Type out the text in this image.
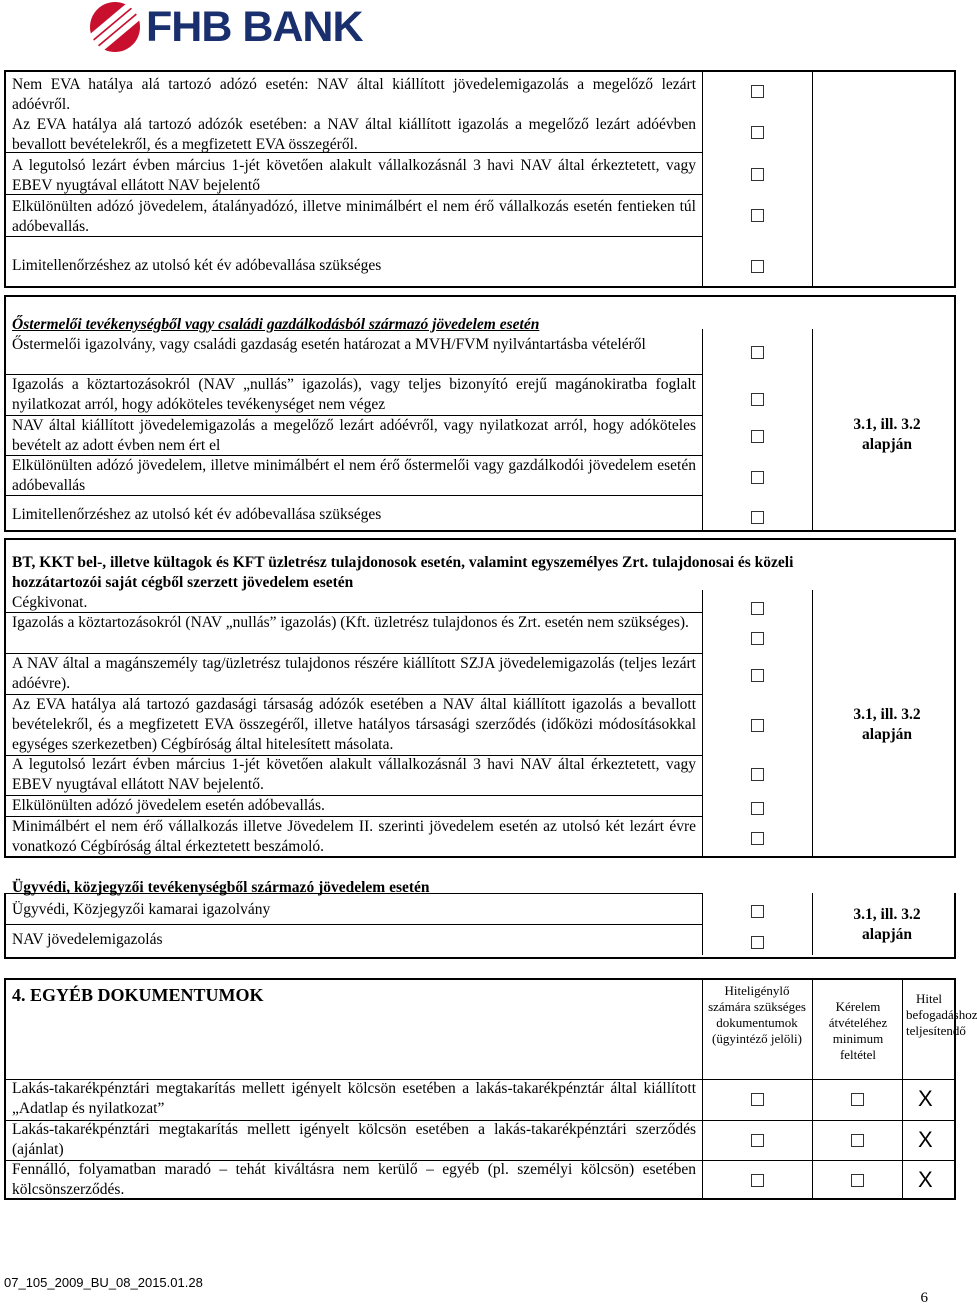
FHB BANK
Nem EVA hatálya alá tartozó adózó esetén: NAV által kiállított jövedelemigazolás a megelőző lezárt adóévről.
Az EVA hatálya alá tartozó adózók esetében: a NAV által kiállított igazolás a megelőző lezárt adóévben bevallott bevételekről, és a megfizetett EVA összegéről.
A legutolsó lezárt évben március 1-jét követően alakult vállalkozásnál 3 havi NAV által érkeztetett, vagy EBEV nyugtával ellátott NAV bejelentő
Elkülönülten adózó jövedelem, átalányadózó, illetve minimálbért el nem érő vállalkozás esetén fentieken túl adóbevallás.
Limitellenőrzéshez az utolsó két év adóbevallása szükséges
Őstermelői tevékenységből vagy családi gazdálkodásból származó jövedelem esetén
Őstermelői igazolvány, vagy családi gazdaság esetén határozat a MVH/FVM nyilvántartásba vételéről
Igazolás a köztartozásokról (NAV „nullás” igazolás), vagy teljes bizonyító erejű magánokiratba foglalt nyilatkozat arról, hogy adóköteles tevékenységet nem végez
NAV által kiállított jövedelemigazolás a megelőző lezárt adóévről, vagy nyilatkozat arról, hogy adóköteles bevételt az adott évben nem ért el
Elkülönülten adózó jövedelem, illetve minimálbért el nem érő őstermelői vagy gazdálkodói jövedelem esetén adóbevallás
Limitellenőrzéshez az utolsó két év adóbevallása szükséges
3.1, ill. 3.2
alapján
BT, KKT bel-, illetve kültagok és KFT üzletrész tulajdonosok esetén, valamint egyszemélyes Zrt. tulajdonosai és közeli
hozzátartozói saját cégből szerzett jövedelem esetén
Cégkivonat.
Igazolás a köztartozásokról (NAV „nullás” igazolás) (Kft. üzletrész tulajdonos és Zrt. esetén nem szükséges).
A NAV által a magánszemély tag/üzletrész tulajdonos részére kiállított SZJA jövedelemigazolás (teljes lezárt adóévre).
Az EVA hatálya alá tartozó gazdasági társaság adózók esetében a NAV által kiállított igazolás a bevallott bevételekről, és a megfizetett EVA összegéről, illetve hatályos társasági szerződés (időközi módosításokkal egységes szerkezetben) Cégbíróság által hitelesített másolata.
A legutolsó lezárt évben március 1-jét követően alakult vállalkozásnál 3 havi NAV által érkeztetett, vagy EBEV nyugtával ellátott NAV bejelentő.
Elkülönülten adózó jövedelem esetén adóbevallás.
Minimálbért el nem érő vállalkozás illetve Jövedelem II. szerinti jövedelem esetén az utolsó két lezárt évre vonatkozó Cégbíróság által érkeztetett beszámoló.
3.1, ill. 3.2
alapján
Ügyvédi, közjegyzői tevékenységből származó jövedelem esetén
Ügyvédi, Közjegyzői kamarai igazolvány
NAV jövedelemigazolás
3.1, ill. 3.2
alapján
4. EGYÉB DOKUMENTUMOK	Hiteligénylő számára szükséges dokumentumok (ügyintéző jelöli)
Kérelem átvételéhez minimum feltétel
Hitel befogadáshoz teljesítendő
Lakás-takarékpénztári megtakarítás mellett igényelt kölcsön esetében a lakás-takarékpénztár által kiállított „Adatlap és nyilatkozat”
Lakás-takarékpénztári megtakarítás mellett igényelt kölcsön esetében a lakás-takarékpénztári szerződés (ajánlat)
Fennálló, folyamatban maradó – tehát kiváltásra nem kerülő – egyéb (pl. személyi kölcsön) esetében kölcsönszerződés.
X
X
X
07_105_2009_BU_08_2015.01.28
6
